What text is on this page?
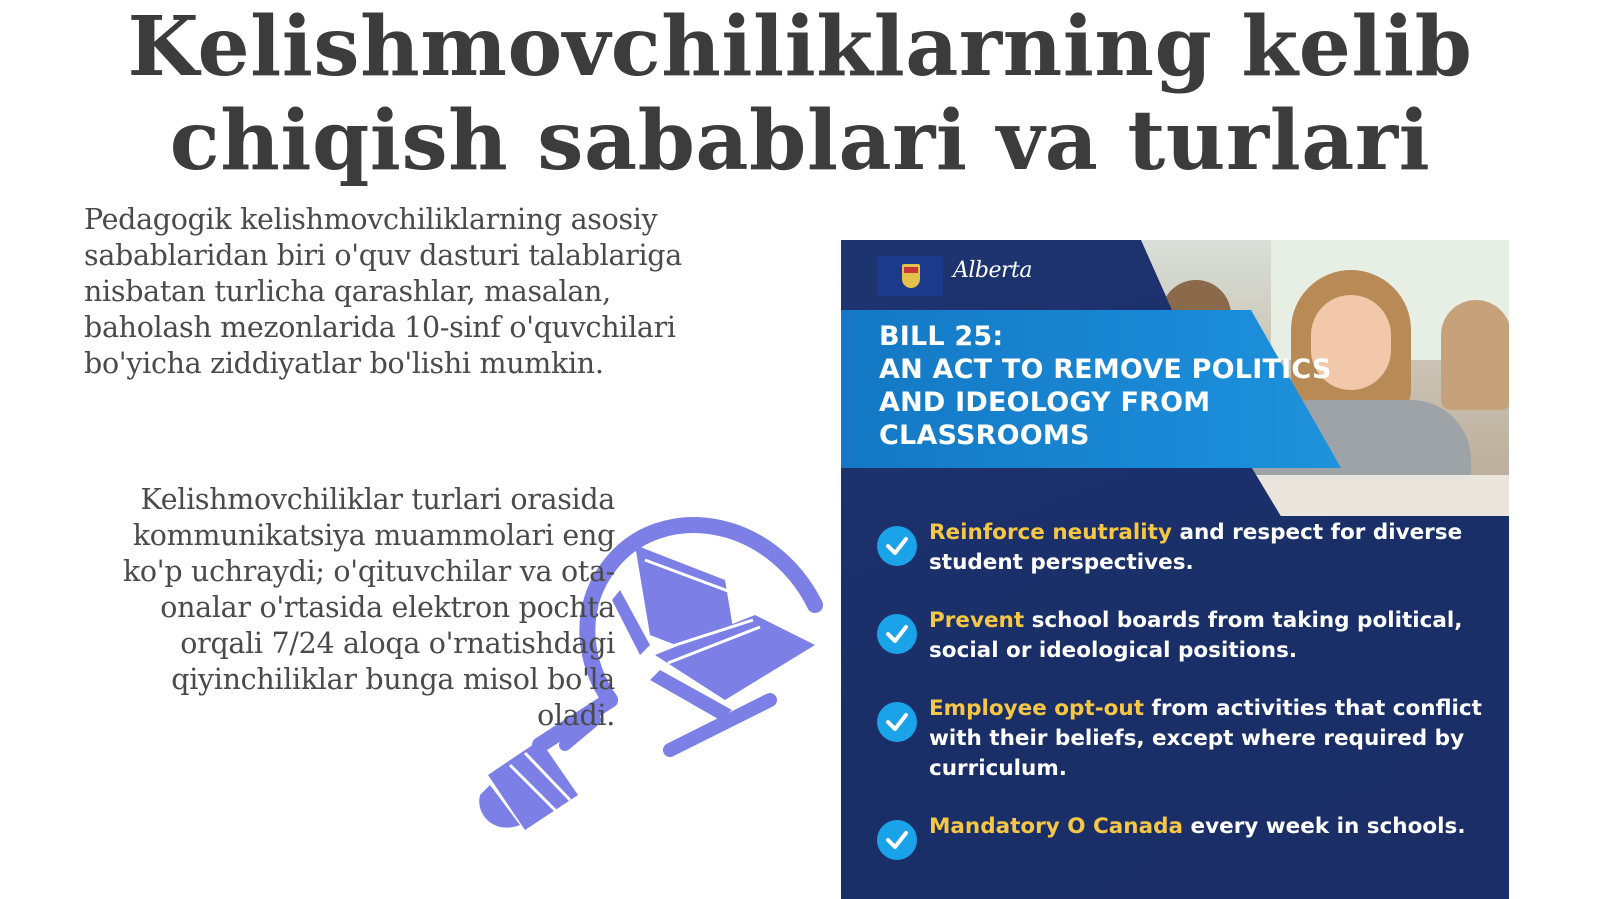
Kelishmovchiliklarning kelib
chiqish sabablari va turlari
Pedagogik kelishmovchiliklarning asosiy sabablaridan biri o'quv dasturi talablariga nisbatan turlicha qarashlar, masalan, baholash mezonlarida 10-sinf o'quvchilari bo'yicha ziddiyatlar bo'lishi mumkin.
Kelishmovchiliklar turlari orasida kommunikatsiya muammolari eng ko'p uchraydi; o'qituvchilar va ota-onalar o'rtasida elektron pochta orqali 7/24 aloqa o'rnatishdagi qiyinchiliklar bunga misol bo'la oladi.
Alberta
BILL 25:
AN ACT TO REMOVE POLITICS AND IDEOLOGY FROM CLASSROOMS
Reinforce neutrality and respect for diverse student perspectives.
Prevent school boards from taking political, social or ideological positions.
Employee opt-out from activities that conflict with their beliefs, except where required by curriculum.
Mandatory O Canada every week in schools.
